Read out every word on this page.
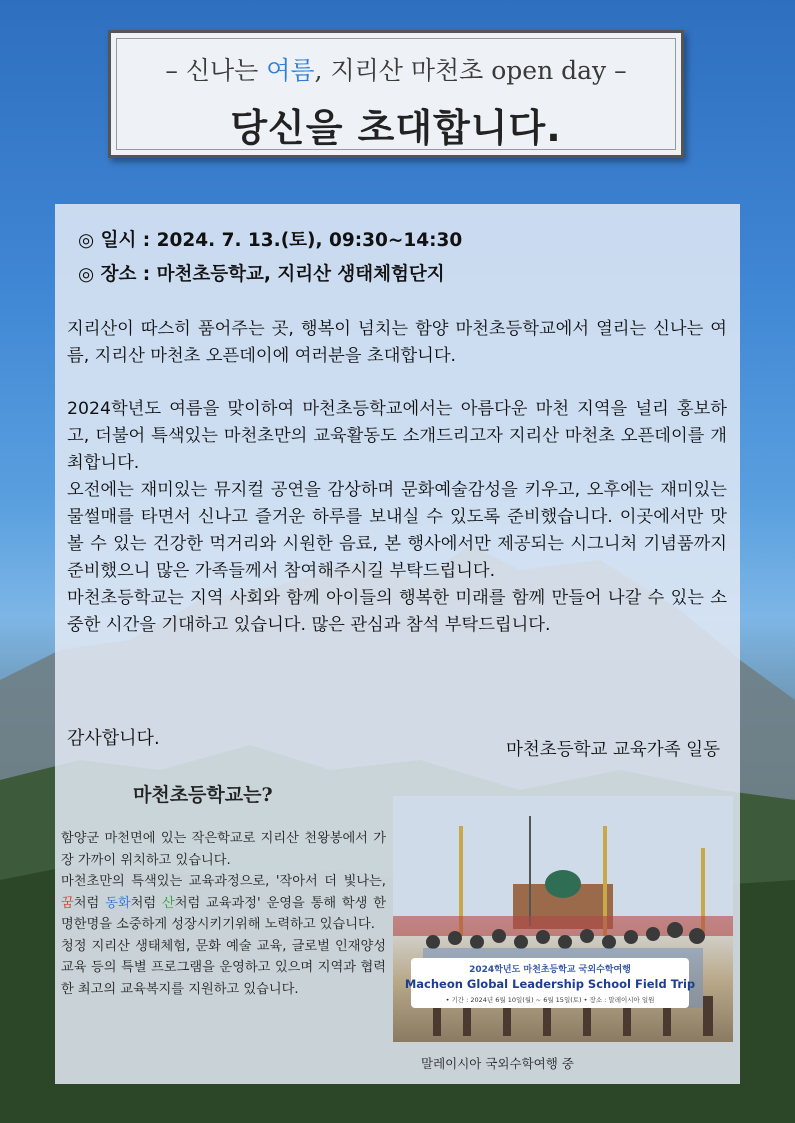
– 신나는 여름, 지리산 마천초 open day –
당신을 초대합니다.
◎ 일시 : 2024. 7. 13.(토), 09:30~14:30
◎ 장소 : 마천초등학교, 지리산 생태체험단지

지리산이 따스히 품어주는 곳, 행복이 넘치는 함양 마천초등학교에서 열리는 신나는 여름, 지리산 마천초 오픈데이에 여러분을 초대합니다.

2024학년도 여름을 맞이하여 마천초등학교에서는 아름다운 마천 지역을 널리 홍보하고, 더불어 특색있는 마천초만의 교육활동도 소개드리고자 지리산 마천초 오픈데이를 개최합니다.

오전에는 재미있는 뮤지컬 공연을 감상하며 문화예술감성을 키우고, 오후에는 재미있는 물썰매를 타면서 신나고 즐거운 하루를 보내실 수 있도록 준비했습니다. 이곳에서만 맛볼 수 있는 건강한 먹거리와 시원한 음료, 본 행사에서만 제공되는 시그니처 기념품까지 준비했으니 많은 가족들께서 참여해주시길 부탁드립니다.

마천초등학교는 지역 사회와 함께 아이들의 행복한 미래를 함께 만들어 나갈 수 있는 소중한 시간을 기대하고 있습니다. 많은 관심과 참석 부탁드립니다.

감사합니다.
마천초등학교 교육가족 일동
마천초등학교는?

함양군 마천면에 있는 작은학교로 지리산 천왕봉에서 가장 가까이 위치하고 있습니다.

마천초만의 특색있는 교육과정으로, '작아서 더 빛나는, 꿈처럼 동화처럼 산처럼 교육과정' 운영을 통해 학생 한명한명을 소중하게 성장시키기위해 노력하고 있습니다.

청정 지리산 생태체험, 문화 예술 교육, 글로벌 인재양성 교육 등의 특별 프로그램을 운영하고 있으며 지역과 협력한 최고의 교육복지를 지원하고 있습니다.

2024학년도 마천초등학교 국외수학여행
Macheon Global Leadership School Field Trip
• 기간 : 2024년 6월 10일(월) ~ 6월 15일(토) • 장소 : 말레이시아 일원
말레이시아 국외수학여행 중
